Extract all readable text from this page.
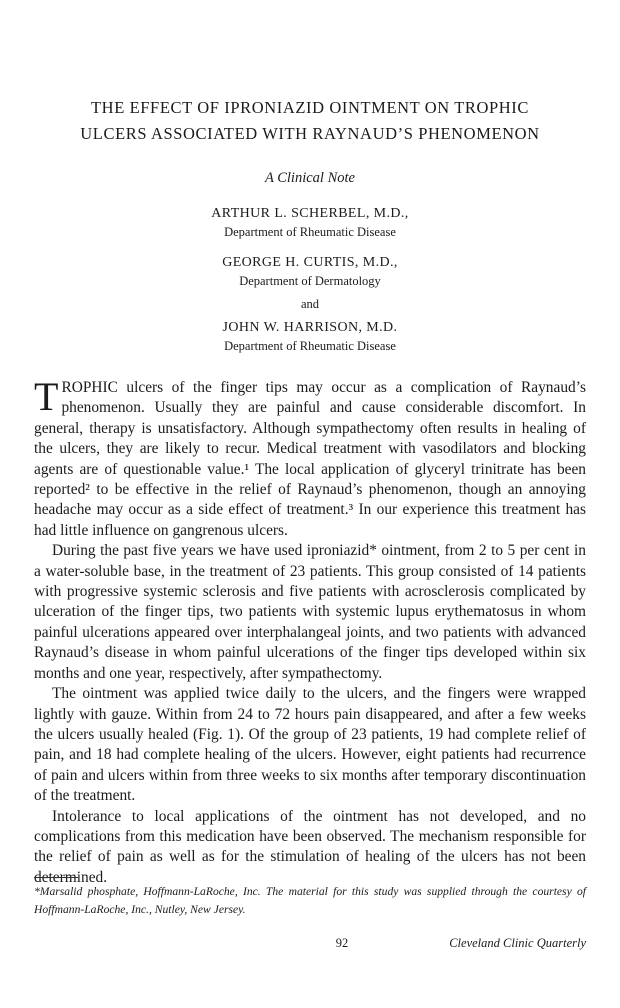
THE EFFECT OF IPRONIAZID OINTMENT ON TROPHIC
ULCERS ASSOCIATED WITH RAYNAUD’S PHENOMENON
A Clinical Note
ARTHUR L. SCHERBEL, M.D.,
Department of Rheumatic Disease
GEORGE H. CURTIS, M.D.,
Department of Dermatology
and
JOHN W. HARRISON, M.D.
Department of Rheumatic Disease

TROPHIC ulcers of the finger tips may occur as a complication of Raynaud’s phenomenon. Usually they are painful and cause considerable discomfort. In general, therapy is unsatisfactory. Although sympathectomy often results in healing of the ulcers, they are likely to recur. Medical treatment with vasodilators and blocking agents are of questionable value.¹ The local application of glyceryl trinitrate has been reported² to be effective in the relief of Raynaud’s phenomenon, though an annoying headache may occur as a side effect of treatment.³ In our experience this treatment has had little influence on gangrenous ulcers.

During the past five years we have used iproniazid* ointment, from 2 to 5 per cent in a water-soluble base, in the treatment of 23 patients. This group consisted of 14 patients with progressive systemic sclerosis and five patients with acrosclerosis complicated by ulceration of the finger tips, two patients with systemic lupus erythematosus in whom painful ulcerations appeared over interphalangeal joints, and two patients with advanced Raynaud’s disease in whom painful ulcerations of the finger tips developed within six months and one year, respectively, after sympathectomy.

The ointment was applied twice daily to the ulcers, and the fingers were wrapped lightly with gauze. Within from 24 to 72 hours pain disappeared, and after a few weeks the ulcers usually healed (Fig. 1). Of the group of 23 patients, 19 had complete relief of pain, and 18 had complete healing of the ulcers. However, eight patients had recurrence of pain and ulcers within from three weeks to six months after temporary discontinuation of the treatment.

Intolerance to local applications of the ointment has not developed, and no complications from this medication have been observed. The mechanism responsible for the relief of pain as well as for the stimulation of healing of the ulcers has not been determined.

*Marsalid phosphate, Hoffmann-LaRoche, Inc. The material for this study was supplied through the courtesy of Hoffmann-LaRoche, Inc., Nutley, New Jersey.
92	Cleveland Clinic Quarterly
